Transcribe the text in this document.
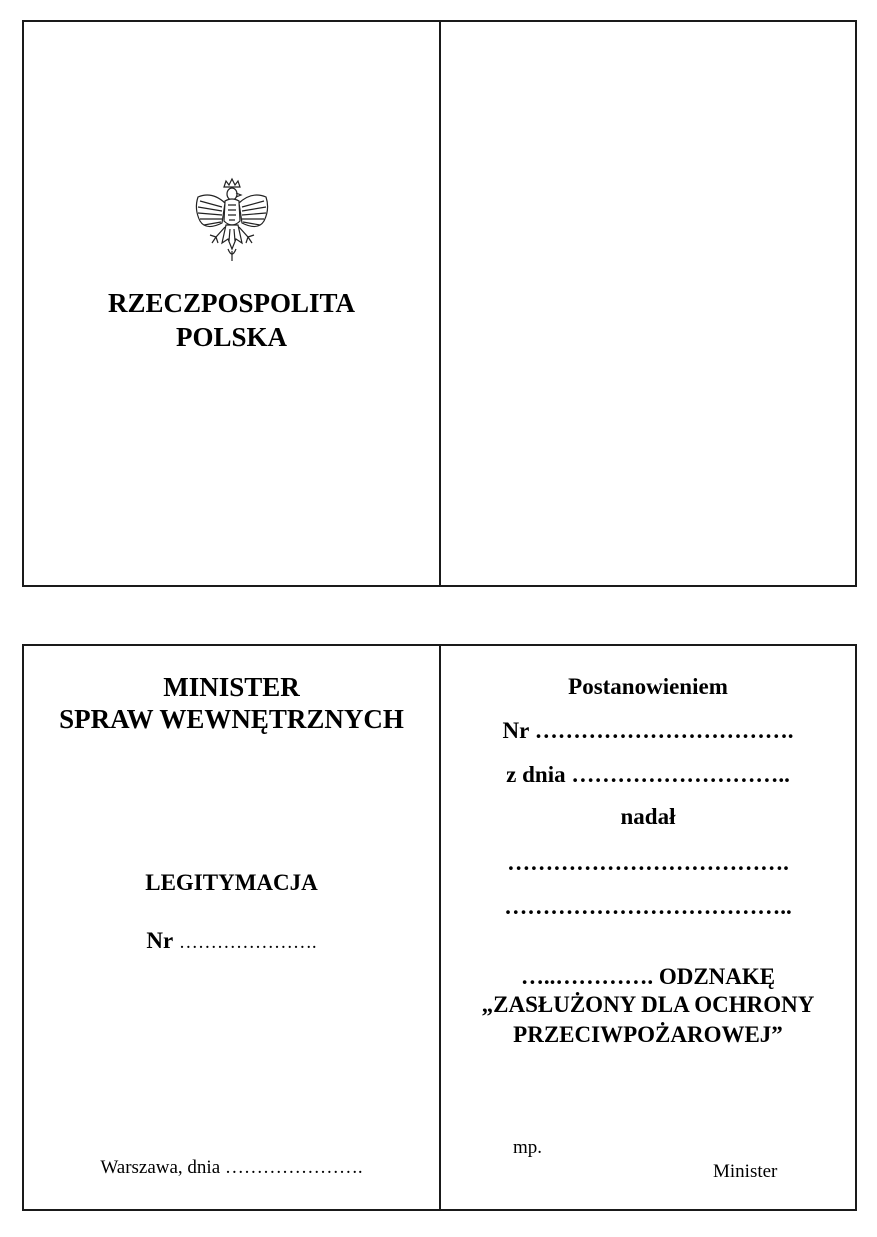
RZECZPOSPOLITA
POLSKA
MINISTER
SPRAW WEWNĘTRZNYCH
LEGITYMACJA
Nr ………………….
Warszawa, dnia ………………….
Postanowieniem
Nr …………………………….
z dnia ………………………..
nadał
……………………………….
………………………………..
…..…………. ODZNAKĘ
„ZASŁUŻONY DLA OCHRONY
PRZECIWPOŻAROWEJ”
mp.
Minister
